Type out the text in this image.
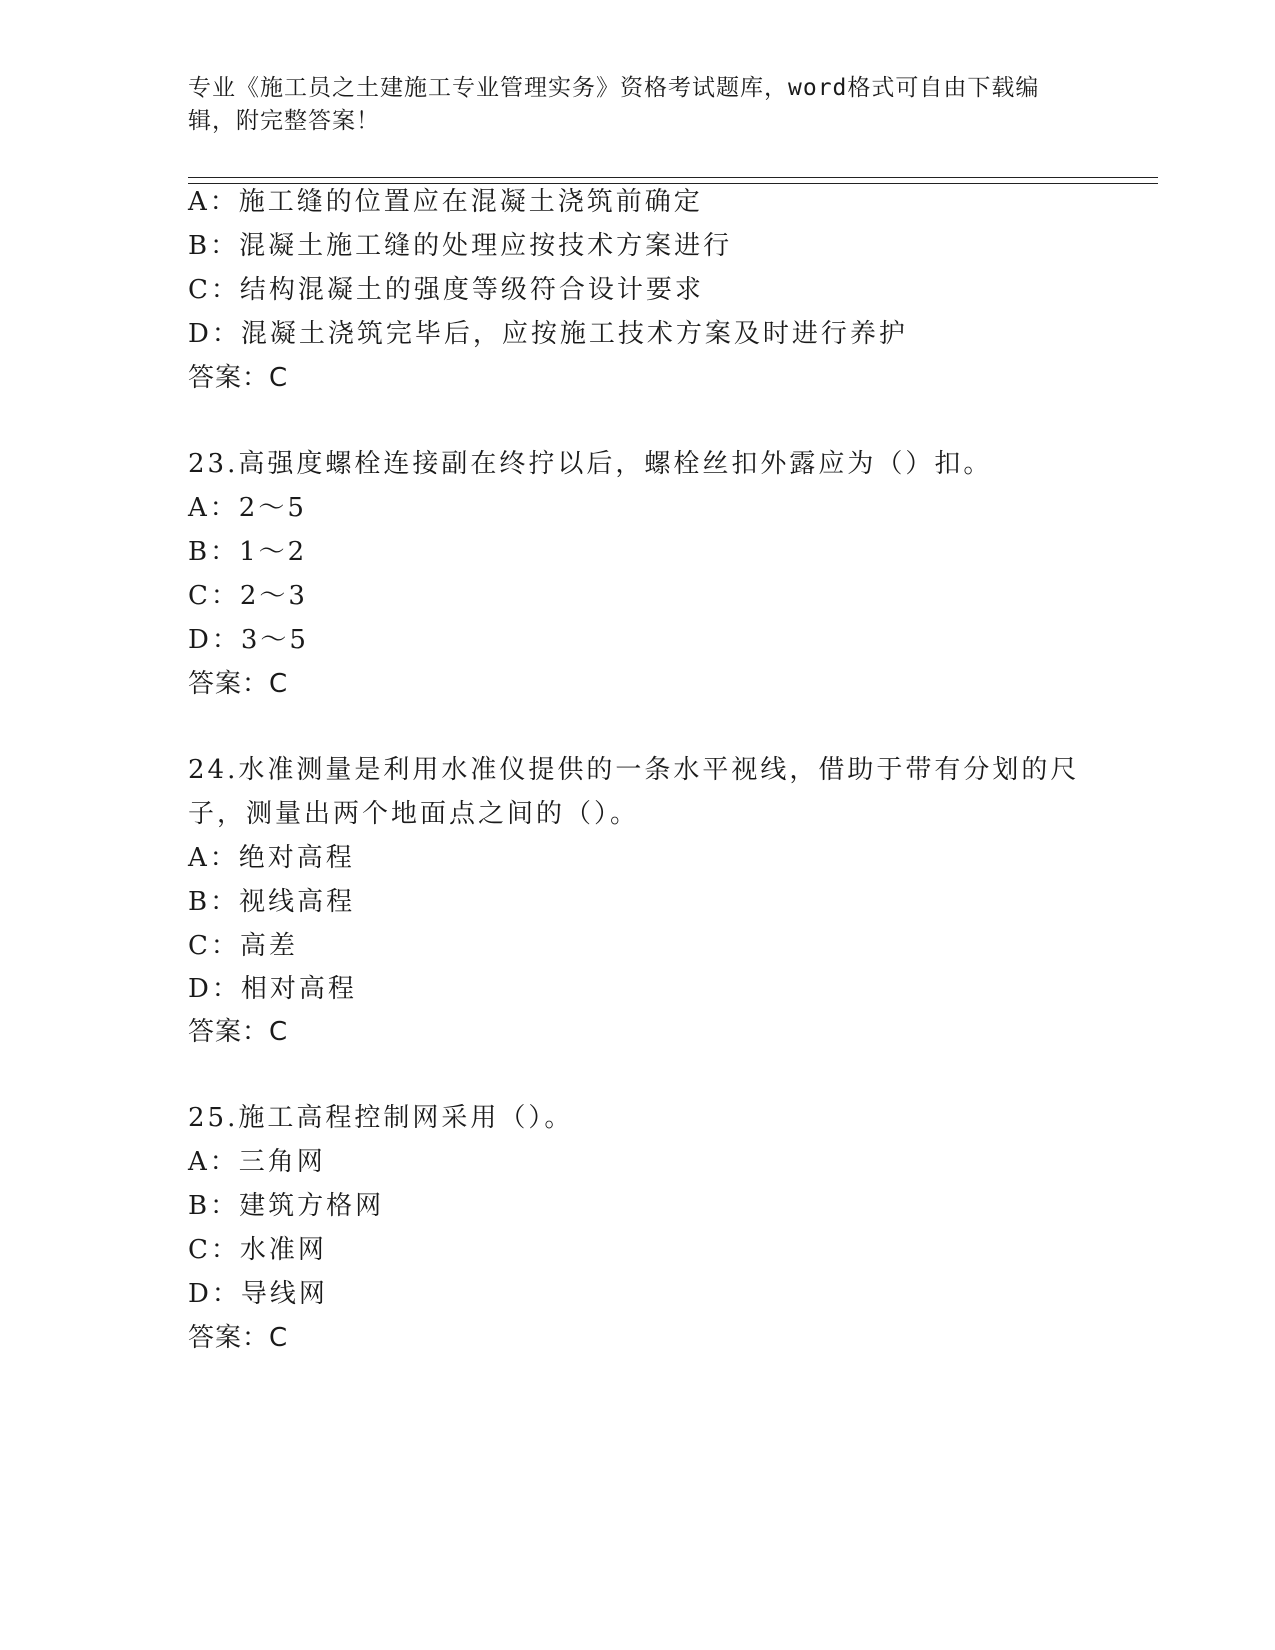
专业《施工员之土建施工专业管理实务》资格考试题库，word格式可自由下载编辑，附完整答案！
A：施工缝的位置应在混凝土浇筑前确定
B：混凝土施工缝的处理应按技术方案进行
C：结构混凝土的强度等级符合设计要求
D：混凝土浇筑完毕后，应按施工技术方案及时进行养护
答案：C
23.高强度螺栓连接副在终拧以后，螺栓丝扣外露应为（）扣。
A：2～5
B：1～2
C：2～3
D：3～5
答案：C
24.水准测量是利用水准仪提供的一条水平视线，借助于带有分划的尺
子，测量出两个地面点之间的（）。
A：绝对高程
B：视线高程
C：高差
D：相对高程
答案：C
25.施工高程控制网采用（）。
A：三角网
B：建筑方格网
C：水准网
D：导线网
答案：C
